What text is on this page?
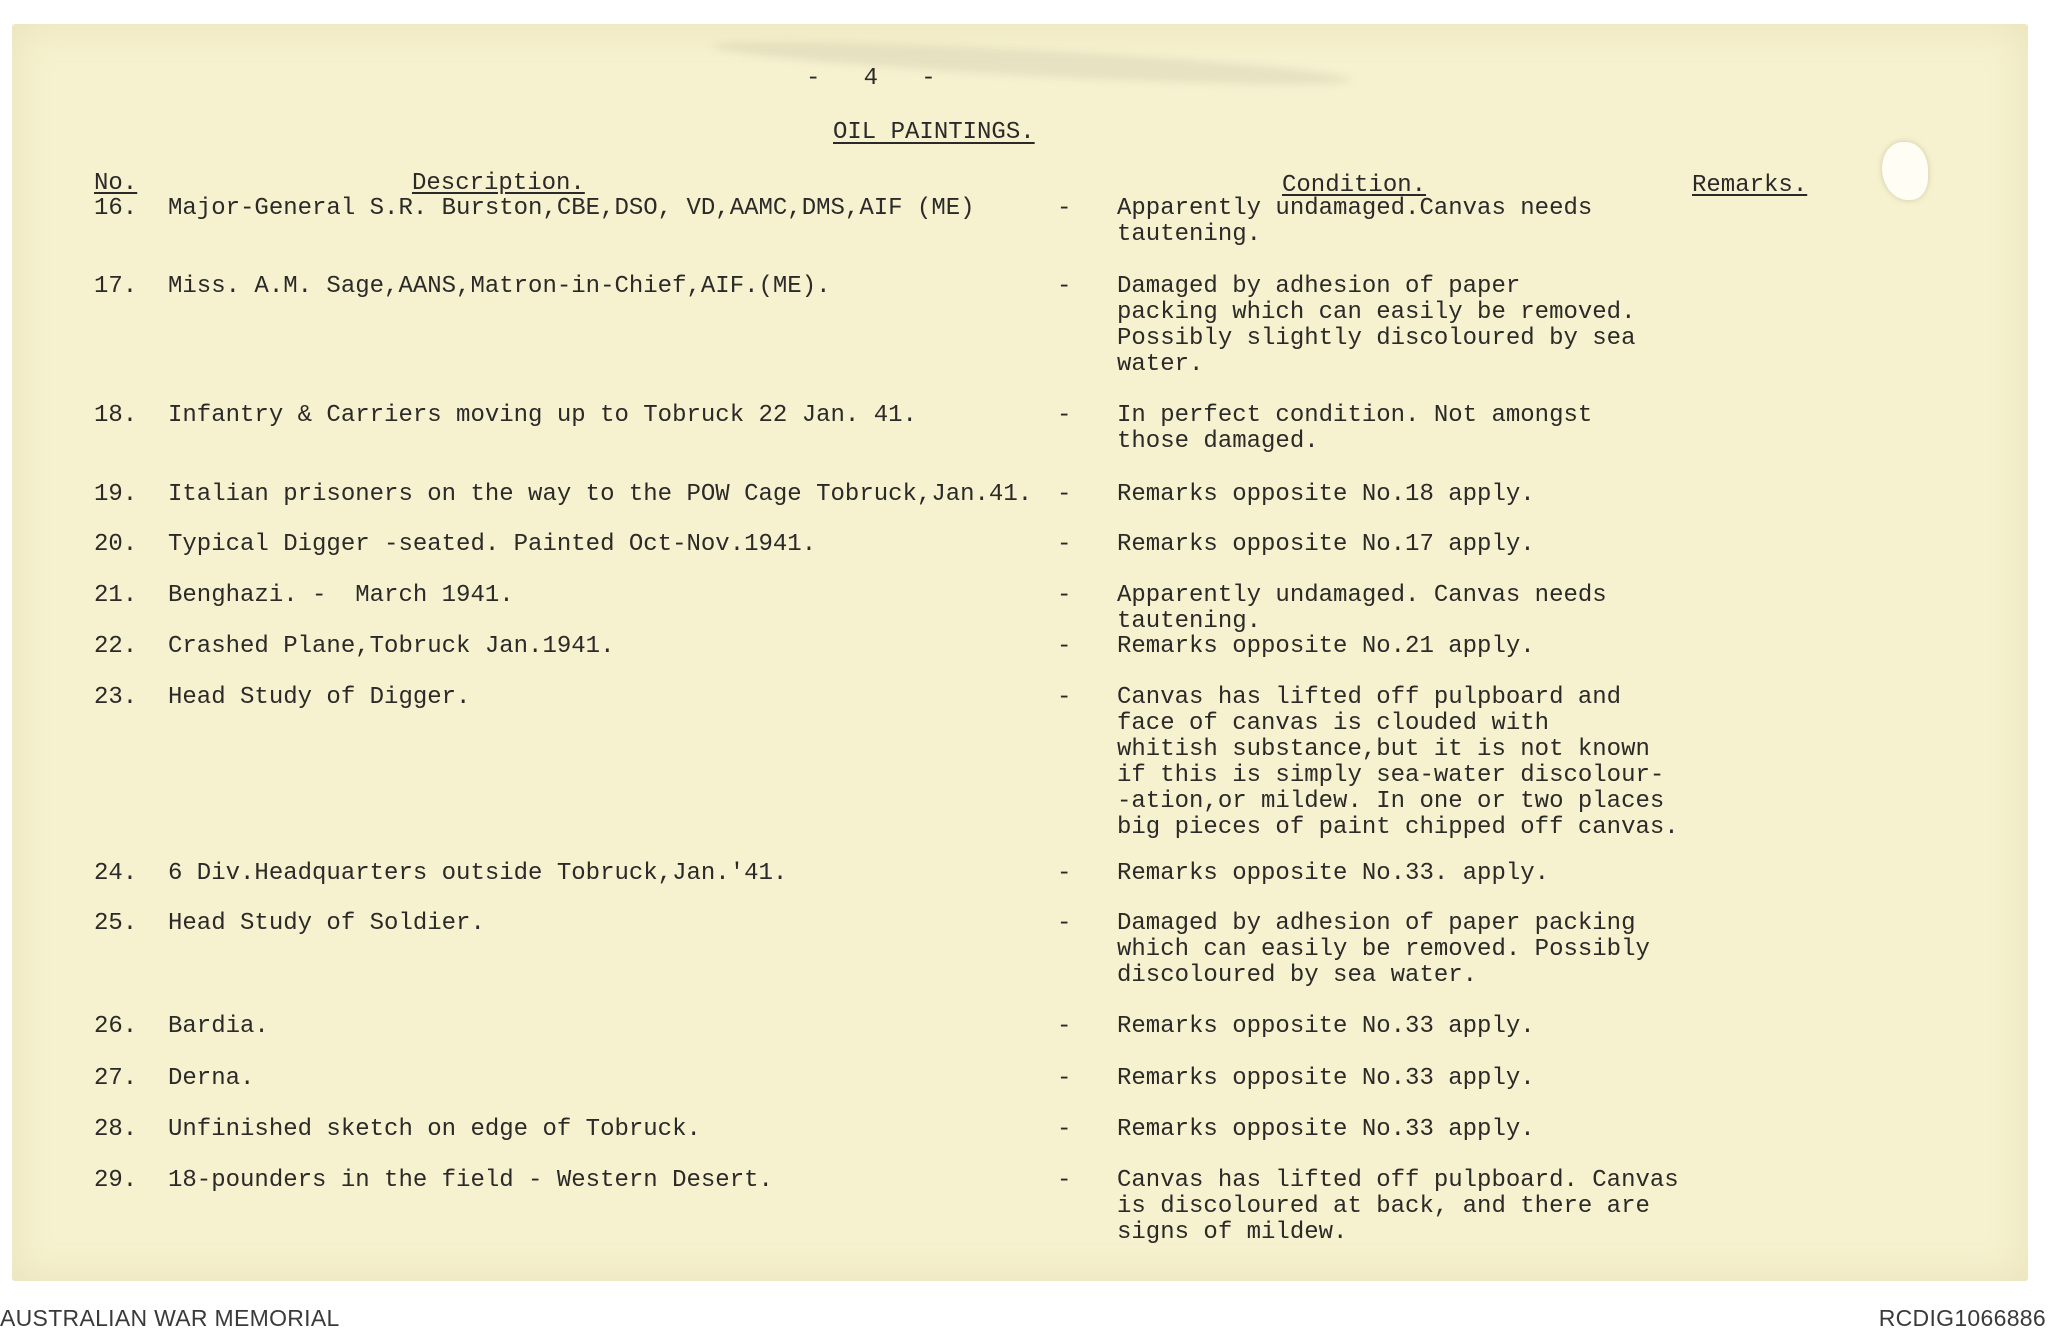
-   4   -
OIL PAINTINGS.
No.	Description.	Condition.	Remarks.
16.	Major-General S.R. Burston,CBE,DSO, VD,AAMC,DMS,AIF (ME)	- Apparently undamaged.Canvas needs
tautening.
17.	Miss. A.M. Sage,AANS,Matron-in-Chief,AIF.(ME).	- Damaged by adhesion of paper
packing which can easily be removed.
Possibly slightly discoloured by sea
water.
18.	Infantry & Carriers moving up to Tobruck 22 Jan. 41.	- In perfect condition. Not amongst
those damaged.
19.	Italian prisoners on the way to the POW Cage Tobruck,Jan.41. - Remarks opposite No.18 apply.
20.	Typical Digger -seated. Painted Oct-Nov.1941.	- Remarks opposite No.17 apply.
21.	Benghazi. -  March 1941.	- Apparently undamaged. Canvas needs
tautening.
22.	Crashed Plane,Tobruck Jan.1941.	- Remarks opposite No.21 apply.
23.	Head Study of Digger.	- Canvas has lifted off pulpboard and
face of canvas is clouded with
whitish substance,but it is not known
if this is simply sea-water discolour-
-ation,or mildew. In one or two places
big pieces of paint chipped off canvas.
24.	6 Div.Headquarters outside Tobruck,Jan.'41.	- Remarks opposite No.33. apply.
25.	Head Study of Soldier.	- Damaged by adhesion of paper packing
which can easily be removed. Possibly
discoloured by sea water.
26.	Bardia.	- Remarks opposite No.33 apply.
27.	Derna.	- Remarks opposite No.33 apply.
28.	Unfinished sketch on edge of Tobruck.	- Remarks opposite No.33 apply.
29.	18-pounders in the field - Western Desert.	- Canvas has lifted off pulpboard. Canvas
is discoloured at back, and there are
signs of mildew.
AUSTRALIAN WAR MEMORIAL	RCDIG1066886
